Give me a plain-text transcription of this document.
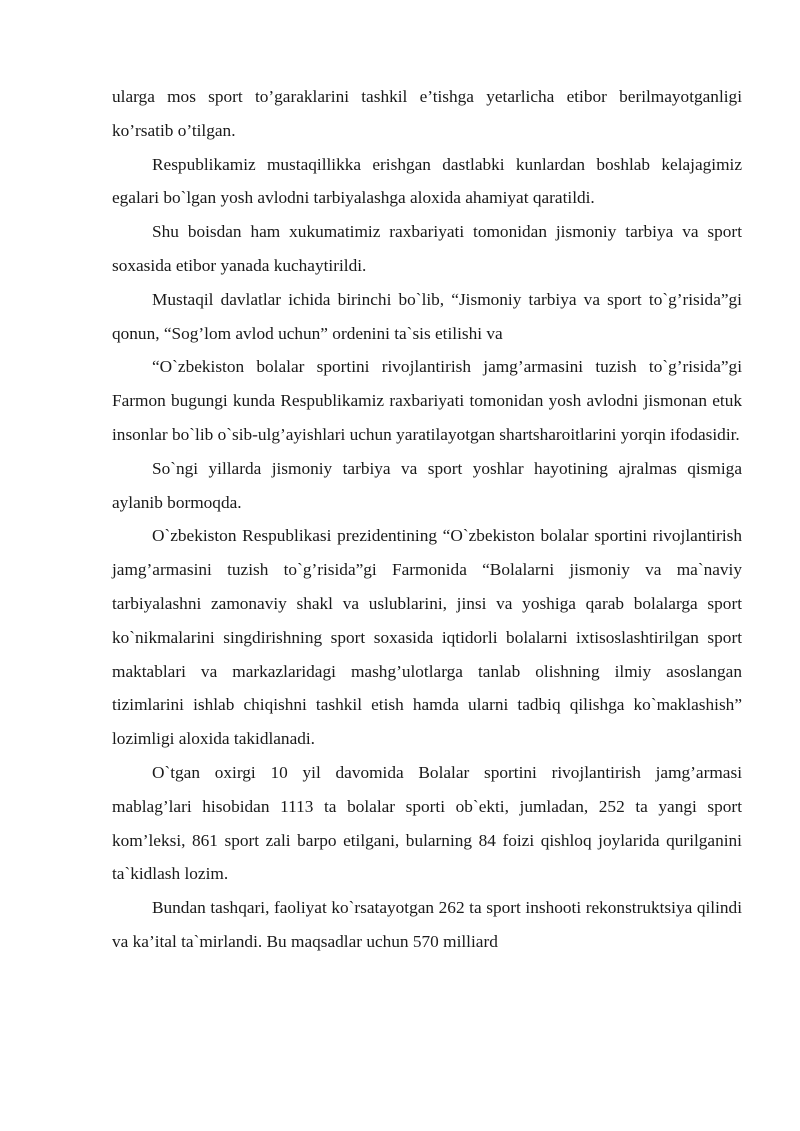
ularga mos sport to’garaklarini tashkil e’tishga yetarlicha etibor berilmayotganligi ko’rsatib o’tilgan.

Respublikamiz mustaqillikka erishgan dastlabki kunlardan boshlab kelajagimiz egalari bo`lgan yosh avlodni tarbiyalashga aloxida ahamiyat qaratildi.

Shu boisdan ham xukumatimiz raxbariyati tomonidan jismoniy tarbiya va sport soxasida etibor yanada kuchaytirildi.

Mustaqil davlatlar ichida birinchi bo`lib, “Jismoniy tarbiya va sport to`g’risida”gi qonun, “Sog’lom avlod uchun” ordenini ta`sis etilishi va

“O`zbekiston bolalar sportini rivojlantirish jamg’armasini tuzish to`g’risida”gi Farmon bugungi kunda Respublikamiz raxbariyati tomonidan yosh avlodni jismonan etuk insonlar bo`lib o`sib-ulg’ayishlari uchun yaratilayotgan shartsharoitlarini yorqin ifodasidir.

So`ngi yillarda jismoniy tarbiya va sport yoshlar hayotining ajralmas qismiga aylanib bormoqda.

O`zbekiston Respublikasi prezidentining “O`zbekiston bolalar sportini rivojlantirish jamg’armasini tuzish to`g’risida”gi Farmonida “Bolalarni jismoniy va ma`naviy tarbiyalashni zamonaviy shakl va uslublarini, jinsi va yoshiga qarab bolalarga sport ko`nikmalarini singdirishning sport soxasida iqtidorli bolalarni ixtisoslashtirilgan sport maktablari va markazlaridagi mashg’ulotlarga tanlab olishning ilmiy asoslangan tizimlarini ishlab chiqishni tashkil etish hamda ularni tadbiq qilishga ko`maklashish” lozimligi aloxida takidlanadi.

O`tgan oxirgi 10 yil davomida Bolalar sportini rivojlantirish jamg’armasi mablag’lari hisobidan 1113 ta bolalar sporti ob`ekti, jumladan, 252 ta yangi sport kom’leksi, 861 sport zali barpo etilgani, bularning 84 foizi qishloq joylarida qurilganini ta`kidlash lozim.

Bundan tashqari, faoliyat ko`rsatayotgan 262 ta sport inshooti rekonstruktsiya qilindi va ka’ital ta`mirlandi. Bu maqsadlar uchun 570 milliard
